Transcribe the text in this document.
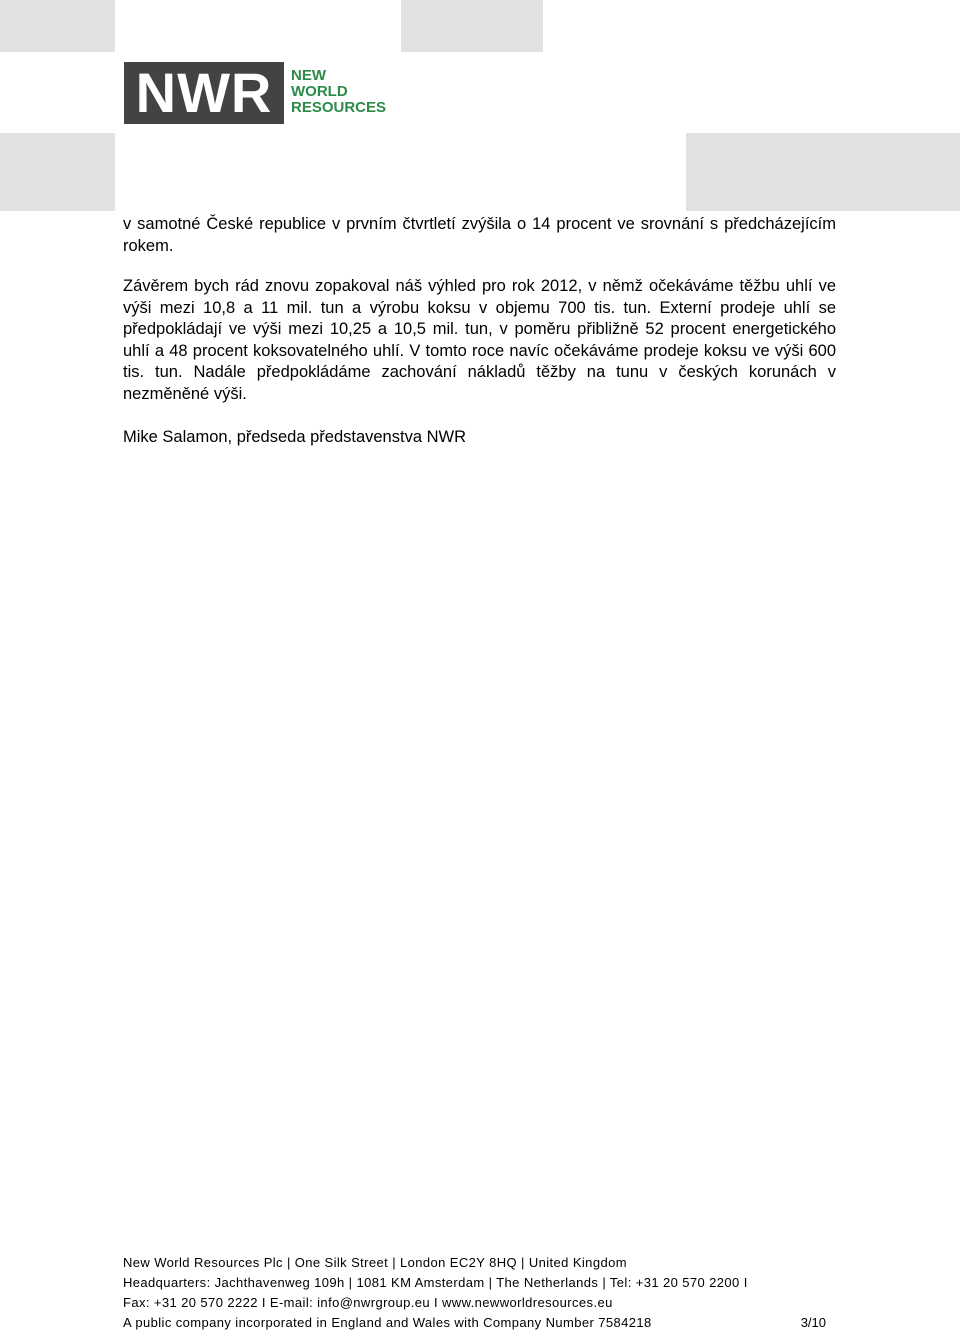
NWR	NEW
WORLD
RESOURCES

v samotné České republice v prvním čtvrtletí zvýšila o 14 procent ve srovnání s předcházejícím rokem.

Závěrem bych rád znovu zopakoval náš výhled pro rok 2012, v němž očekáváme těžbu uhlí ve výši mezi 10,8 a 11 mil. tun a výrobu koksu v objemu 700 tis. tun. Externí prodeje uhlí se předpokládají ve výši mezi 10,25 a 10,5 mil. tun, v poměru přibližně 52 procent energetického uhlí a 48 procent koksovatelného uhlí. V tomto roce navíc očekáváme prodeje koksu ve výši 600 tis. tun. Nadále předpokládáme zachování nákladů těžby na tunu v českých korunách v nezměněné výši.

Mike Salamon, předseda představenstva NWR

New World Resources Plc | One Silk Street | London EC2Y 8HQ | United Kingdom
Headquarters: Jachthavenweg 109h | 1081 KM Amsterdam | The Netherlands | Tel: +31 20 570 2200 I
Fax: +31 20 570 2222 I E-mail: info@nwrgroup.eu I www.newworldresources.eu
A public company incorporated in England and Wales with Company Number 7584218	3/10
